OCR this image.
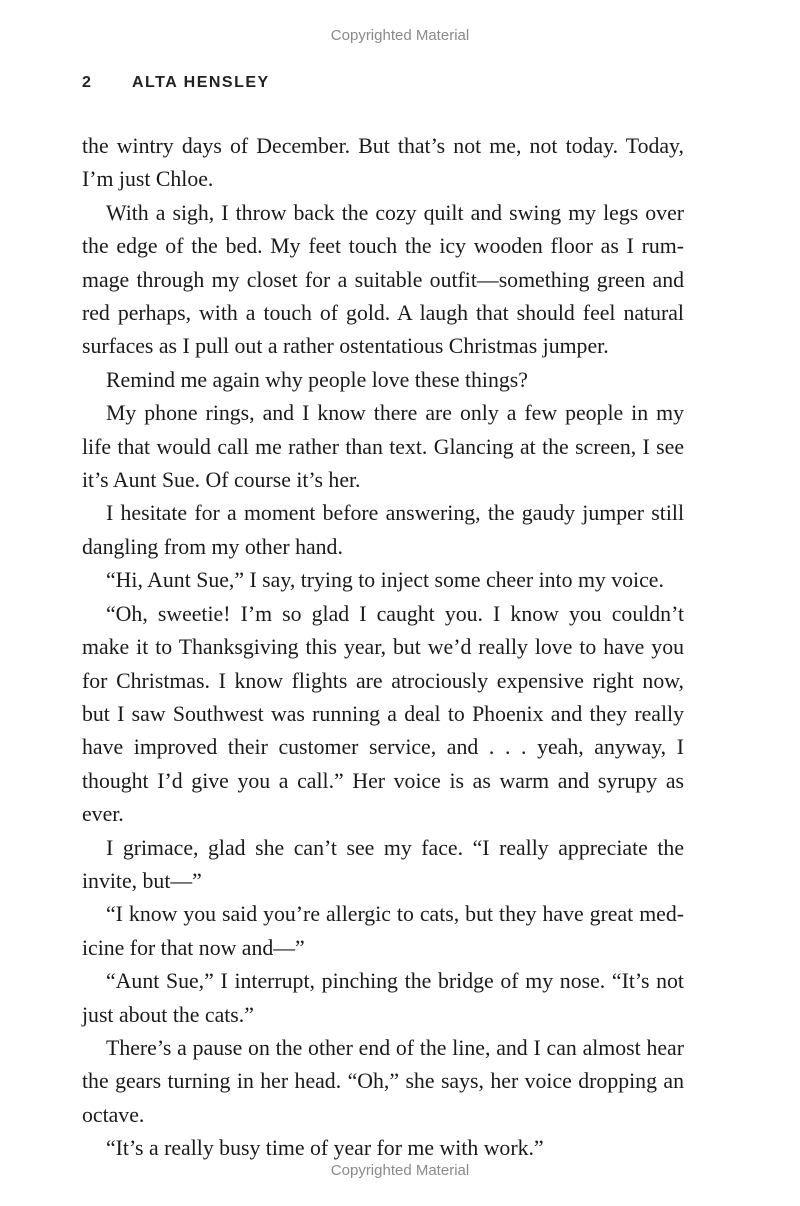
Copyrighted Material
2 ALTA HENSLEY

the wintry days of December. But that’s not me, not today. Today, I’m just Chloe.

With a sigh, I throw back the cozy quilt and swing my legs over the edge of the bed. My feet touch the icy wooden floor as I rummage through my closet for a suitable outfit—something green and red perhaps, with a touch of gold. A laugh that should feel natural surfaces as I pull out a rather ostentatious Christmas jumper.

Remind me again why people love these things?

My phone rings, and I know there are only a few people in my life that would call me rather than text. Glancing at the screen, I see it’s Aunt Sue. Of course it’s her.

I hesitate for a moment before answering, the gaudy jumper still dangling from my other hand.

“Hi, Aunt Sue,” I say, trying to inject some cheer into my voice.

“Oh, sweetie! I’m so glad I caught you. I know you couldn’t make it to Thanksgiving this year, but we’d really love to have you for Christmas. I know flights are atrociously expensive right now, but I saw Southwest was running a deal to Phoenix and they really have improved their customer service, and . . . yeah, anyway, I thought I’d give you a call.” Her voice is as warm and syrupy as ever.

I grimace, glad she can’t see my face. “I really appreciate the invite, but—”

“I know you said you’re allergic to cats, but they have great medicine for that now and—”

“Aunt Sue,” I interrupt, pinching the bridge of my nose. “It’s not just about the cats.”

There’s a pause on the other end of the line, and I can almost hear the gears turning in her head. “Oh,” she says, her voice dropping an octave.

“It’s a really busy time of year for me with work.”

Copyrighted Material
